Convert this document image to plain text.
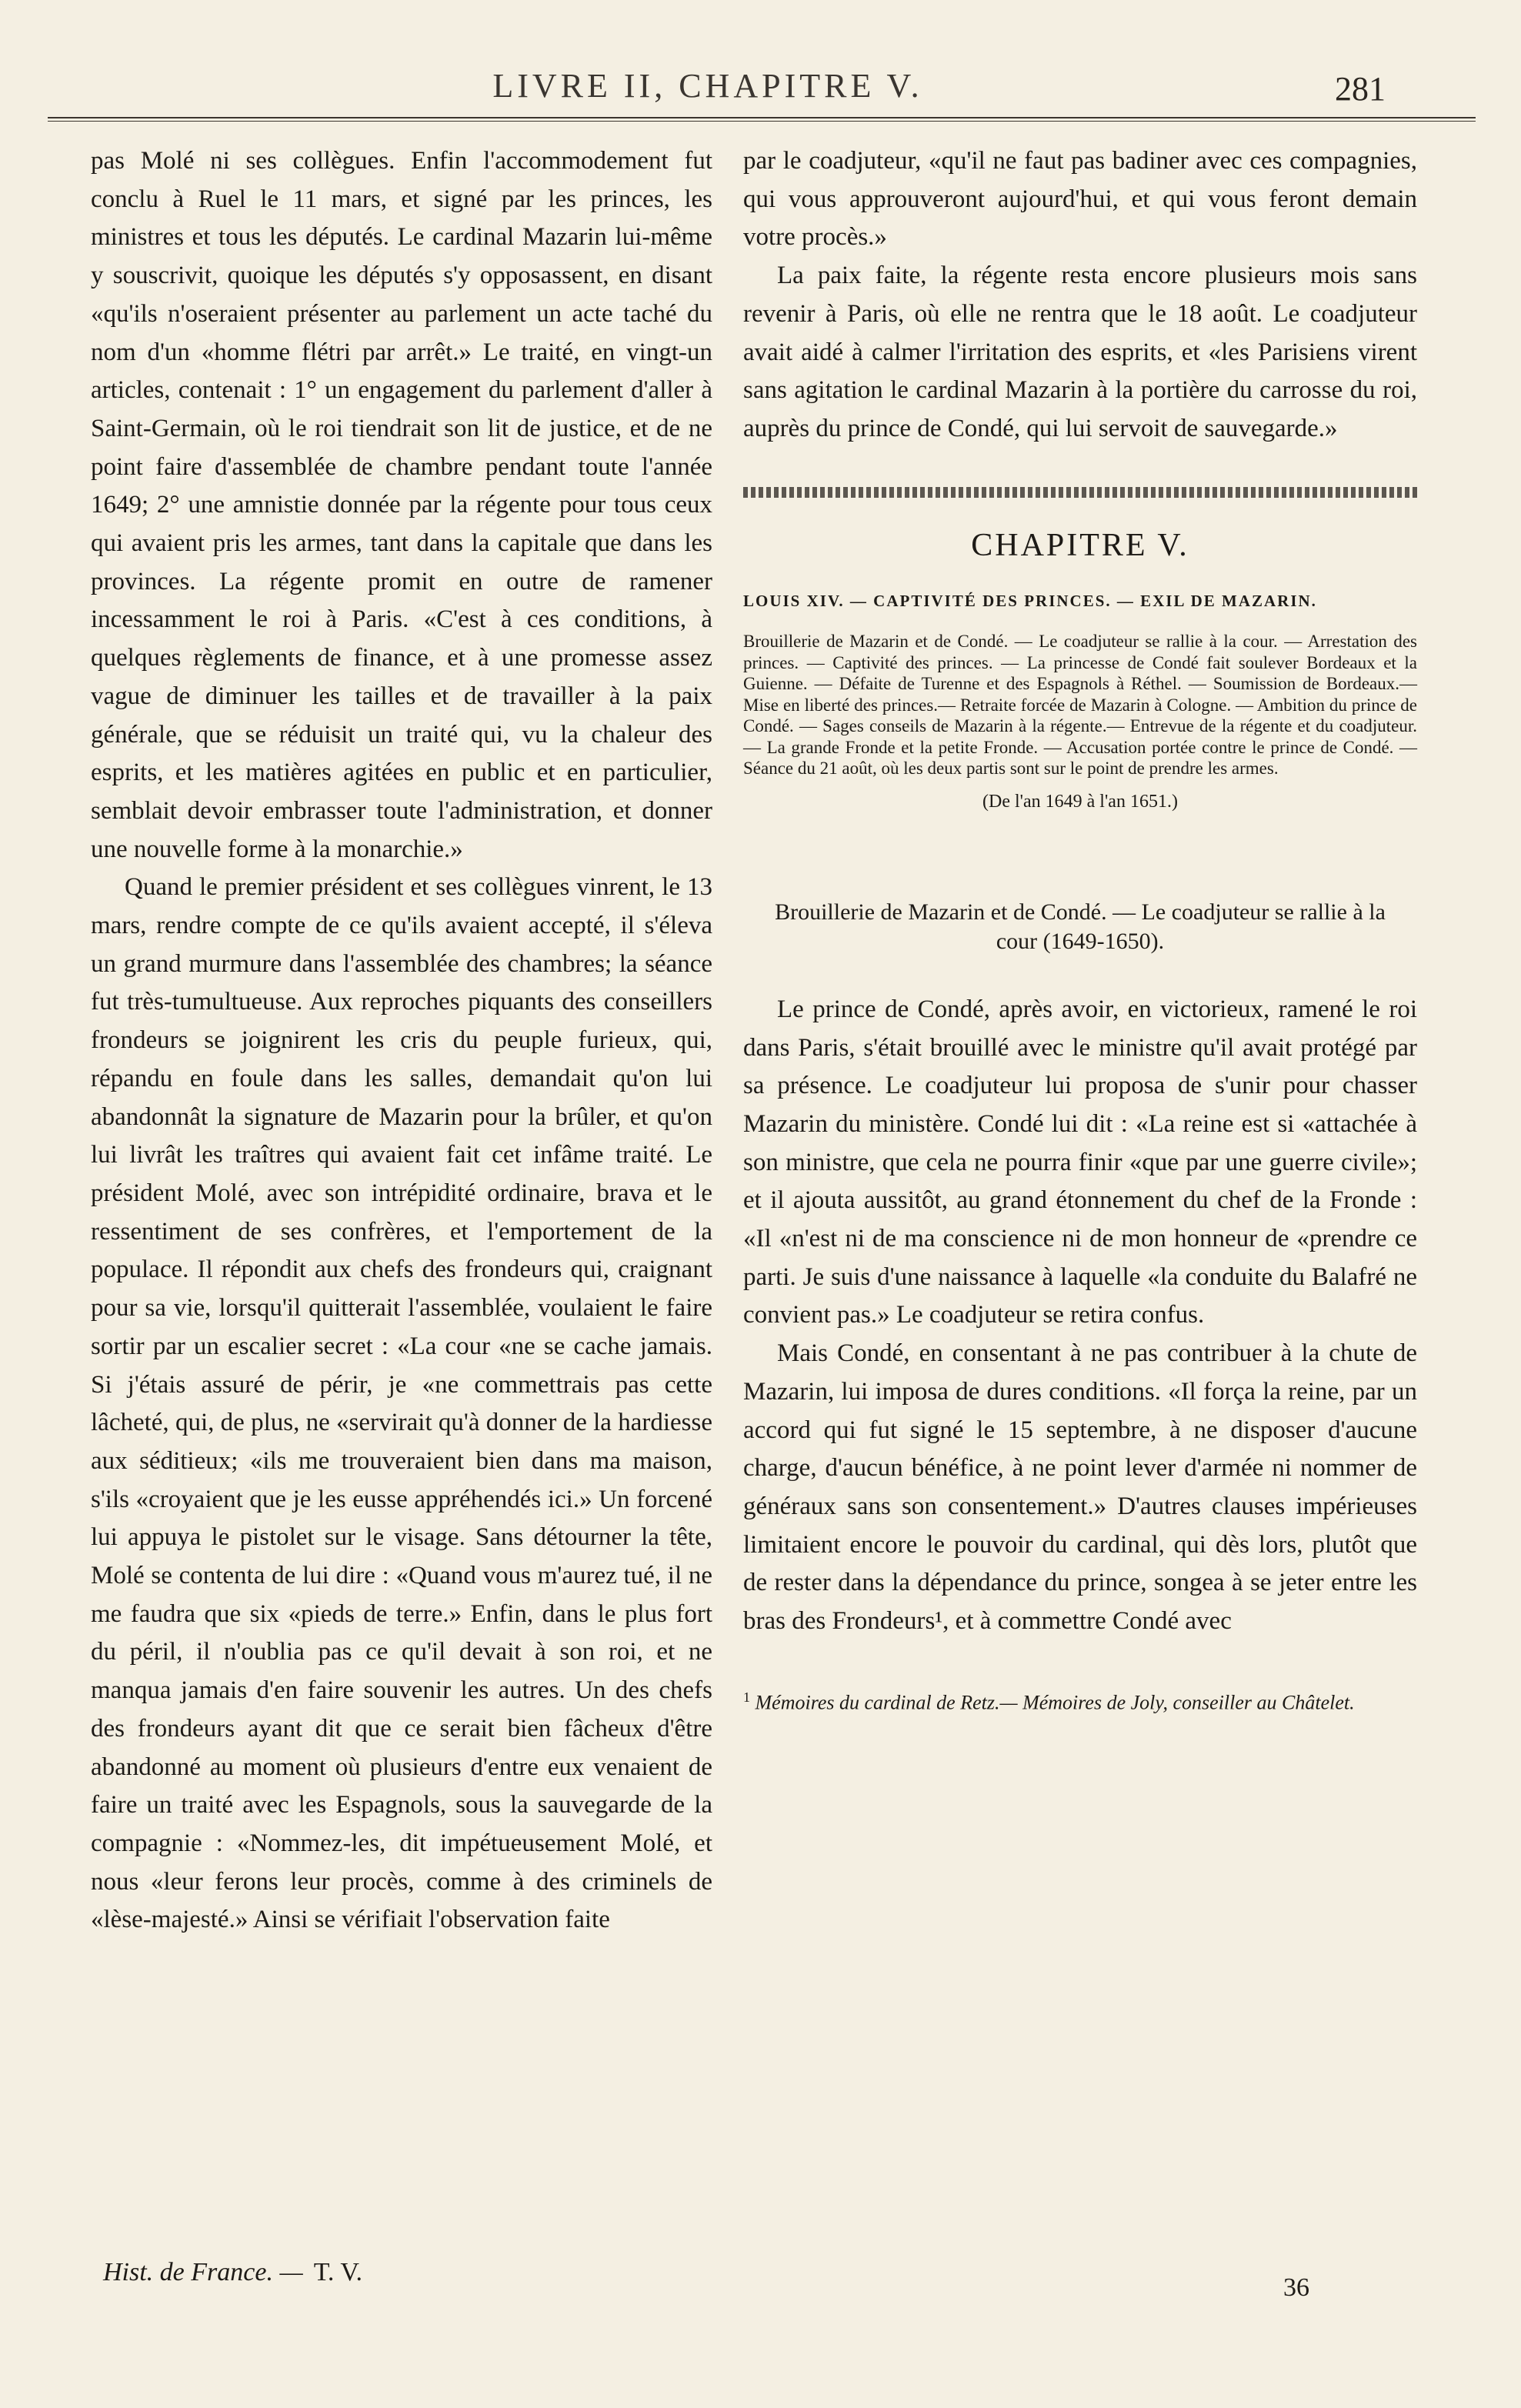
LIVRE II, CHAPITRE V.	281

pas Molé ni ses collègues. Enfin l'accommodement fut conclu à Ruel le 11 mars, et signé par les princes, les ministres et tous les députés. Le cardinal Mazarin lui-même y souscrivit, quoique les députés s'y opposassent, en disant «qu'ils n'oseraient présenter au parlement un acte taché du nom d'un «homme flétri par arrêt.» Le traité, en vingt-un articles, contenait : 1° un engagement du parlement d'aller à Saint-Germain, où le roi tiendrait son lit de justice, et de ne point faire d'assemblée de chambre pendant toute l'année 1649; 2° une amnistie donnée par la régente pour tous ceux qui avaient pris les armes, tant dans la capitale que dans les provinces. La régente promit en outre de ramener incessamment le roi à Paris. «C'est à ces conditions, à quelques règlements de finance, et à une promesse assez vague de diminuer les tailles et de travailler à la paix générale, que se réduisit un traité qui, vu la chaleur des esprits, et les matières agitées en public et en particulier, semblait devoir embrasser toute l'administration, et donner une nouvelle forme à la monarchie.»

Quand le premier président et ses collègues vinrent, le 13 mars, rendre compte de ce qu'ils avaient accepté, il s'éleva un grand murmure dans l'assemblée des chambres; la séance fut très-tumultueuse. Aux reproches piquants des conseillers frondeurs se joignirent les cris du peuple furieux, qui, répandu en foule dans les salles, demandait qu'on lui abandonnât la signature de Mazarin pour la brûler, et qu'on lui livrât les traîtres qui avaient fait cet infâme traité. Le président Molé, avec son intrépidité ordinaire, brava et le ressentiment de ses confrères, et l'emportement de la populace. Il répondit aux chefs des frondeurs qui, craignant pour sa vie, lorsqu'il quitterait l'assemblée, voulaient le faire sortir par un escalier secret : «La cour «ne se cache jamais. Si j'étais assuré de périr, je «ne commettrais pas cette lâcheté, qui, de plus, ne «servirait qu'à donner de la hardiesse aux séditieux; «ils me trouveraient bien dans ma maison, s'ils «croyaient que je les eusse appréhendés ici.» Un forcené lui appuya le pistolet sur le visage. Sans détourner la tête, Molé se contenta de lui dire : «Quand vous m'aurez tué, il ne me faudra que six «pieds de terre.» Enfin, dans le plus fort du péril, il n'oublia pas ce qu'il devait à son roi, et ne manqua jamais d'en faire souvenir les autres. Un des chefs des frondeurs ayant dit que ce serait bien fâcheux d'être abandonné au moment où plusieurs d'entre eux venaient de faire un traité avec les Espagnols, sous la sauvegarde de la compagnie : «Nommez-les, dit impétueusement Molé, et nous «leur ferons leur procès, comme à des criminels de «lèse-majesté.» Ainsi se vérifiait l'observation faite

par le coadjuteur, «qu'il ne faut pas badiner avec ces compagnies, qui vous approuveront aujourd'hui, et qui vous feront demain votre procès.»

La paix faite, la régente resta encore plusieurs mois sans revenir à Paris, où elle ne rentra que le 18 août. Le coadjuteur avait aidé à calmer l'irritation des esprits, et «les Parisiens virent sans agitation le cardinal Mazarin à la portière du carrosse du roi, auprès du prince de Condé, qui lui servoit de sauvegarde.»

CHAPITRE V.
LOUIS XIV. — CAPTIVITÉ DES PRINCES. — EXIL DE MAZARIN.
Brouillerie de Mazarin et de Condé. — Le coadjuteur se rallie à la cour. — Arrestation des princes. — Captivité des princes. — La princesse de Condé fait soulever Bordeaux et la Guienne. — Défaite de Turenne et des Espagnols à Réthel. — Soumission de Bordeaux.— Mise en liberté des princes.— Retraite forcée de Mazarin à Cologne. — Ambition du prince de Condé. — Sages conseils de Mazarin à la régente.— Entrevue de la régente et du coadjuteur. — La grande Fronde et la petite Fronde. — Accusation portée contre le prince de Condé. — Séance du 21 août, où les deux partis sont sur le point de prendre les armes.
(De l'an 1649 à l'an 1651.)
Brouillerie de Mazarin et de Condé. — Le coadjuteur se rallie à la cour (1649-1650).

Le prince de Condé, après avoir, en victorieux, ramené le roi dans Paris, s'était brouillé avec le ministre qu'il avait protégé par sa présence. Le coadjuteur lui proposa de s'unir pour chasser Mazarin du ministère. Condé lui dit : «La reine est si «attachée à son ministre, que cela ne pourra finir «que par une guerre civile»; et il ajouta aussitôt, au grand étonnement du chef de la Fronde : «Il «n'est ni de ma conscience ni de mon honneur de «prendre ce parti. Je suis d'une naissance à laquelle «la conduite du Balafré ne convient pas.» Le coadjuteur se retira confus.

Mais Condé, en consentant à ne pas contribuer à la chute de Mazarin, lui imposa de dures conditions. «Il força la reine, par un accord qui fut signé le 15 septembre, à ne disposer d'aucune charge, d'aucun bénéfice, à ne point lever d'armée ni nommer de généraux sans son consentement.» D'autres clauses impérieuses limitaient encore le pouvoir du cardinal, qui dès lors, plutôt que de rester dans la dépendance du prince, songea à se jeter entre les bras des Frondeurs¹, et à commettre Condé avec

$^1$ Mémoires du cardinal de Retz.— Mémoires de Joly, conseiller au Châtelet.
Hist. de France. — T. V.
36
